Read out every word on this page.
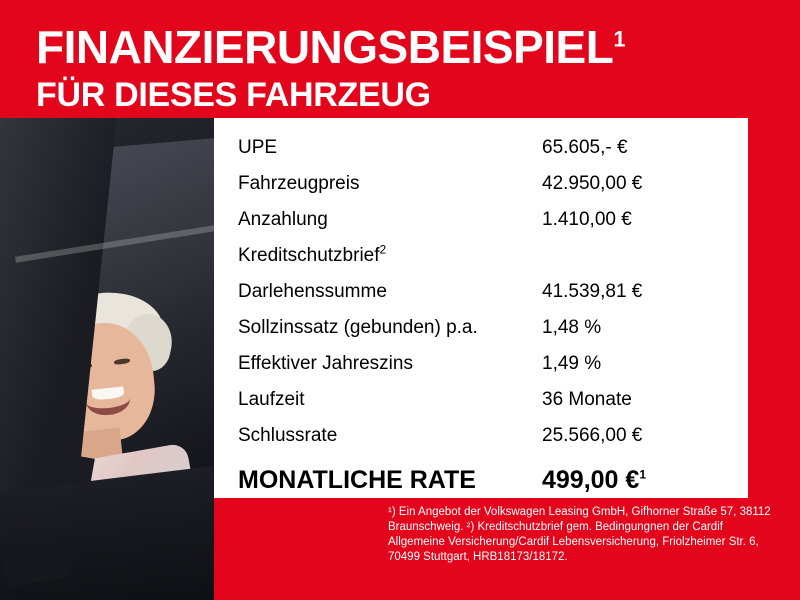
FINANZIERUNGSBEISPIEL$^1$
FÜR DIESES FAHRZEUG
UPE	65.605,- €
Fahrzeugpreis	42.950,00 €
Anzahlung	1.410,00 €
Kreditschutzbrief$^2$	
Darlehenssumme	41.539,81 €
Sollzinssatz (gebunden) p.a.	1,48 %
Effektiver Jahreszins	1,49 %
Laufzeit	36 Monate
Schlussrate	25.566,00 €
MONATLICHE RATE	499,00 €$^1$
¹) Ein Angebot der Volkswagen Leasing GmbH, Gifhorner Straße 57, 38112 Braunschweig. ²) Kreditschutzbrief gem. Bedingungnen der Cardif Allgemeine Versicherung/Cardif Lebensversicherung, Friolzheimer Str. 6, 70499 Stuttgart, HRB18173/18172.
